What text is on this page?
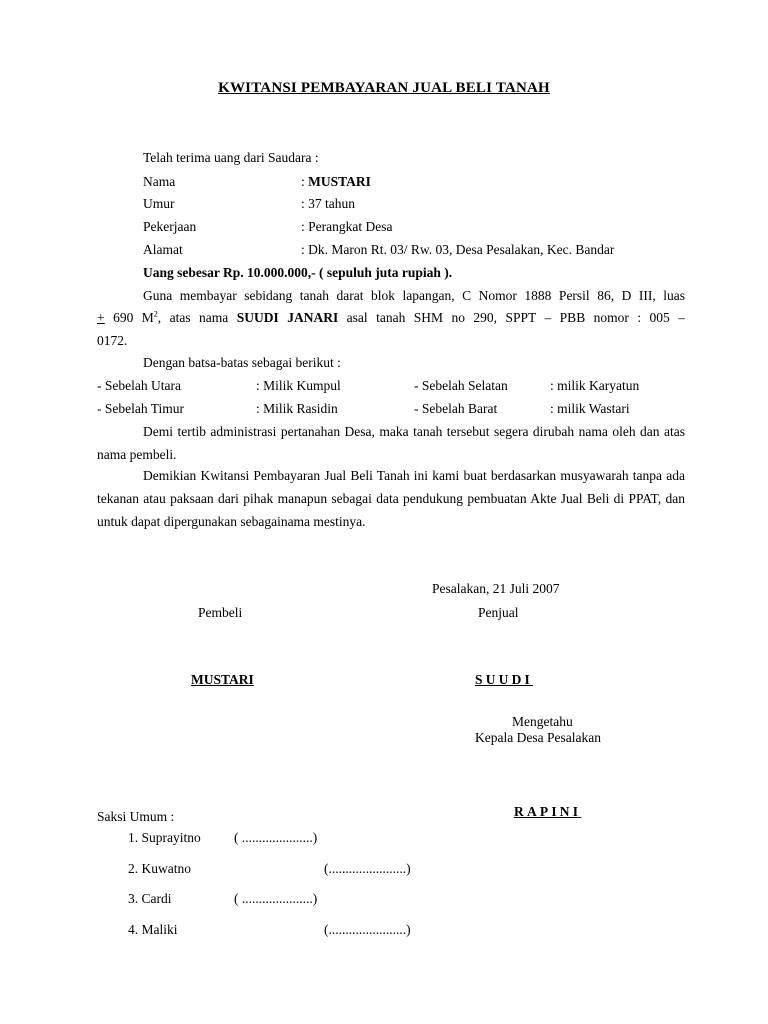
KWITANSI PEMBAYARAN JUAL BELI TANAH
Telah terima uang dari Saudara :
Nama	: MUSTARI
Umur	: 37 tahun
Pekerjaan	: Perangkat Desa
Alamat	: Dk. Maron Rt. 03/ Rw. 03, Desa Pesalakan, Kec. Bandar
Uang sebesar Rp. 10.000.000,- ( sepuluh juta rupiah ).
Guna membayar sebidang tanah darat blok lapangan, C Nomor 1888 Persil 86, D III, luas
+ 690 $M^2$, atas nama SUUDI JANARI asal tanah SHM no 290, SPPT – PBB nomor : 005 –
0172.
Dengan batsa-batas sebagai berikut :
- Sebelah Utara	: Milik Kumpul	- Sebelah Selatan	: milik Karyatun
- Sebelah Timur	: Milik Rasidin	- Sebelah Barat	: milik Wastari
Demi tertib administrasi pertanahan Desa, maka tanah tersebut segera dirubah nama oleh dan atas nama pembeli.
Demikian Kwitansi Pembayaran Jual Beli Tanah ini kami buat berdasarkan musyawarah tanpa ada tekanan atau paksaan dari pihak manapun sebagai data pendukung pembuatan Akte Jual Beli di PPAT, dan untuk dapat dipergunakan sebagainama mestinya.
Pesalakan, 21 Juli 2007
Pembeli	Penjual
MUSTARI	SUUDI
Mengetahu
Kepala Desa Pesalakan
RAPINI
Saksi Umum :
1. Suprayitno ( .....................)
2. Kuwatno	(.......................)
3. Cardi	( .....................)
4. Maliki	(.......................)
